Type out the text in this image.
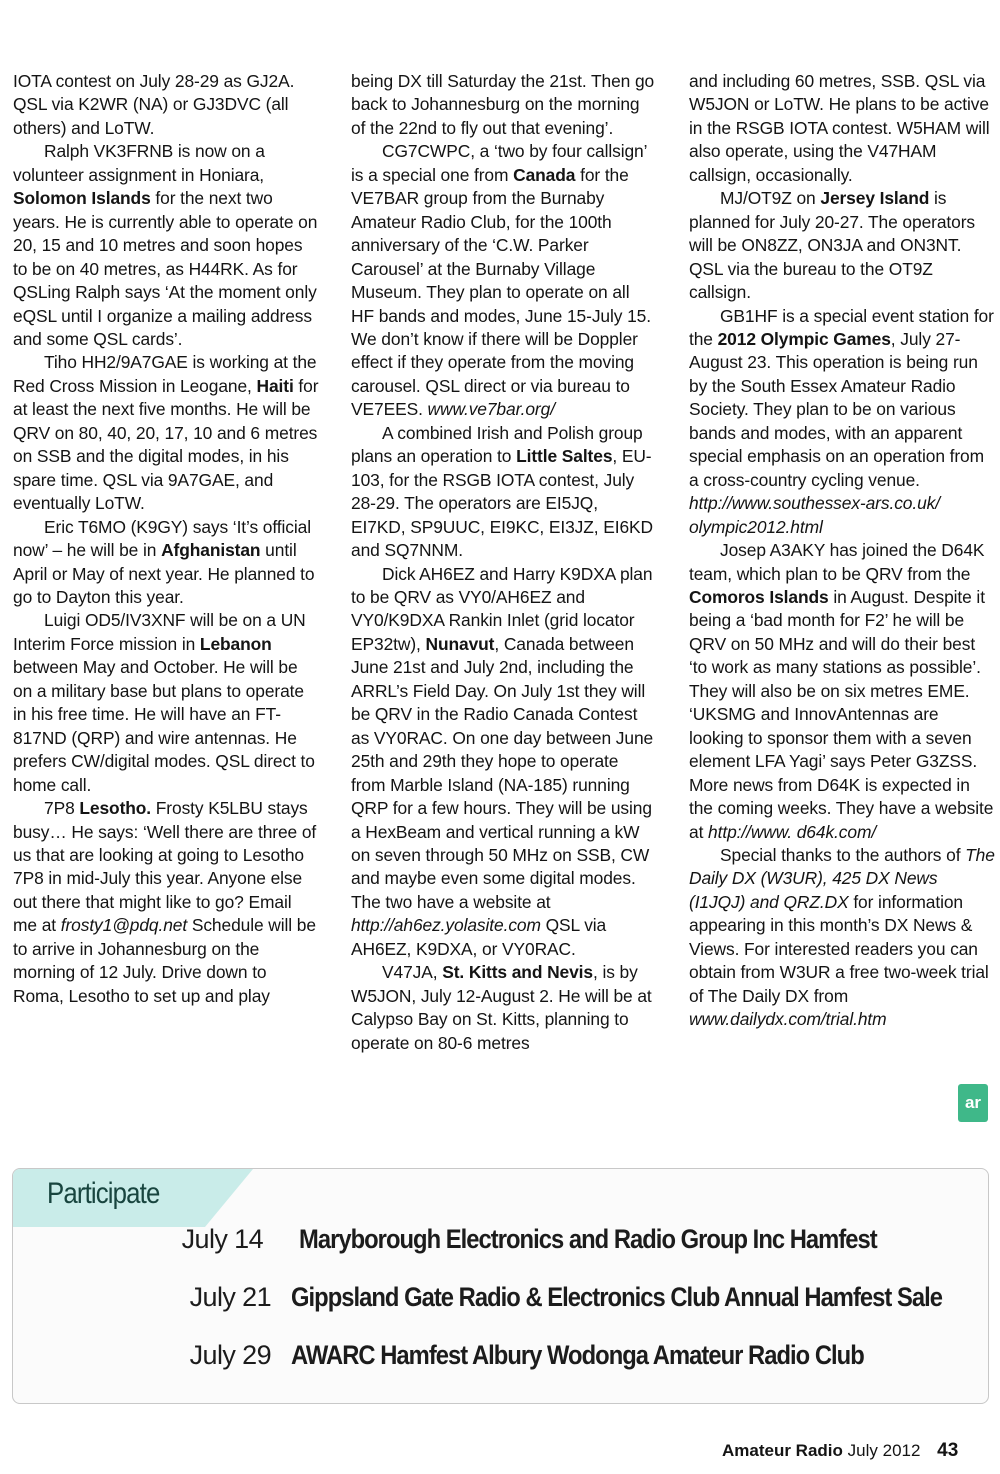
IOTA contest on July 28-29 as GJ2A. QSL via K2WR (NA) or GJ3DVC (all others) and LoTW.

Ralph VK3FRNB is now on a volunteer assignment in Honiara, Solomon Islands for the next two years. He is currently able to operate on 20, 15 and 10 metres and soon hopes to be on 40 metres, as H44RK. As for QSLing Ralph says ‘At the moment only eQSL until I organize a mailing address and some QSL cards’.

Tiho HH2/9A7GAE is working at the Red Cross Mission in Leogane, Haiti for at least the next five months. He will be QRV on 80, 40, 20, 17, 10 and 6 metres on SSB and the digital modes, in his spare time. QSL via 9A7GAE, and eventually LoTW.

Eric T6MO (K9GY) says ‘It’s official now’ – he will be in Afghanistan until April or May of next year. He planned to go to Dayton this year.

Luigi OD5/IV3XNF will be on a UN Interim Force mission in Lebanon between May and October. He will be on a military base but plans to operate in his free time. He will have an FT-817ND (QRP) and wire antennas. He prefers CW/digital modes. QSL direct to home call.

7P8 Lesotho. Frosty K5LBU stays busy… He says: ‘Well there are three of us that are looking at going to Lesotho 7P8 in mid-July this year. Anyone else out there that might like to go? Email me at frosty1@pdq.net Schedule will be to arrive in Johannesburg on the morning of 12 July. Drive down to Roma, Lesotho to set up and play

being DX till Saturday the 21st. Then go back to Johannesburg on the morning of the 22nd to fly out that evening’.

CG7CWPC, a ‘two by four callsign’ is a special one from Canada for the VE7BAR group from the Burnaby Amateur Radio Club, for the 100th anniversary of the ‘C.W. Parker Carousel’ at the Burnaby Village Museum. They plan to operate on all HF bands and modes, June 15-July 15. We don’t know if there will be Doppler effect if they operate from the moving carousel. QSL direct or via bureau to VE7EES. www.ve7bar.org/

A combined Irish and Polish group plans an operation to Little Saltes, EU-103, for the RSGB IOTA contest, July 28-29. The operators are EI5JQ, EI7KD, SP9UUC, EI9KC, EI3JZ, EI6KD and SQ7NNM.

Dick AH6EZ and Harry K9DXA plan to be QRV as VY0/AH6EZ and VY0/K9DXA Rankin Inlet (grid locator EP32tw), Nunavut, Canada between June 21st and July 2nd, including the ARRL’s Field Day. On July 1st they will be QRV in the Radio Canada Contest as VY0RAC. On one day between June 25th and 29th they hope to operate from Marble Island (NA-185) running QRP for a few hours. They will be using a HexBeam and vertical running a kW on seven through 50 MHz on SSB, CW and maybe even some digital modes. The two have a website at http://ah6ez.yolasite.com QSL via AH6EZ, K9DXA, or VY0RAC.

V47JA, St. Kitts and Nevis, is by W5JON, July 12-August 2. He will be at Calypso Bay on St. Kitts, planning to operate on 80-6 metres

and including 60 metres, SSB. QSL via W5JON or LoTW. He plans to be active in the RSGB IOTA contest. W5HAM will also operate, using the V47HAM callsign, occasionally.

MJ/OT9Z on Jersey Island is planned for July 20-27. The operators will be ON8ZZ, ON3JA and ON3NT. QSL via the bureau to the OT9Z callsign.

GB1HF is a special event station for the 2012 Olympic Games, July 27-August 23. This operation is being run by the South Essex Amateur Radio Society. They plan to be on various bands and modes, with an apparent special emphasis on an operation from a cross-country cycling venue. http://www.southessex-ars.co.uk/ olympic2012.html

Josep A3AKY has joined the D64K team, which plan to be QRV from the Comoros Islands in August. Despite it being a ‘bad month for F2’ he will be QRV on 50 MHz and will do their best ‘to work as many stations as possible’. They will also be on six metres EME. ‘UKSMG and InnovAntennas are looking to sponsor them with a seven element LFA Yagi’ says Peter G3ZSS. More news from D64K is expected in the coming weeks. They have a website at http://www. d64k.com/

Special thanks to the authors of The Daily DX (W3UR), 425 DX News (I1JQJ) and QRZ.DX for information appearing in this month’s DX News & Views. For interested readers you can obtain from W3UR a free two-week trial of The Daily DX from www.dailydx.com/trial.htm

ar
Participate
July 14 Maryborough Electronics and Radio Group Inc Hamfest
July 21 Gippsland Gate Radio & Electronics Club Annual Hamfest Sale
July 29 AWARC Hamfest Albury Wodonga Amateur Radio Club
Amateur Radio July 2012 43
